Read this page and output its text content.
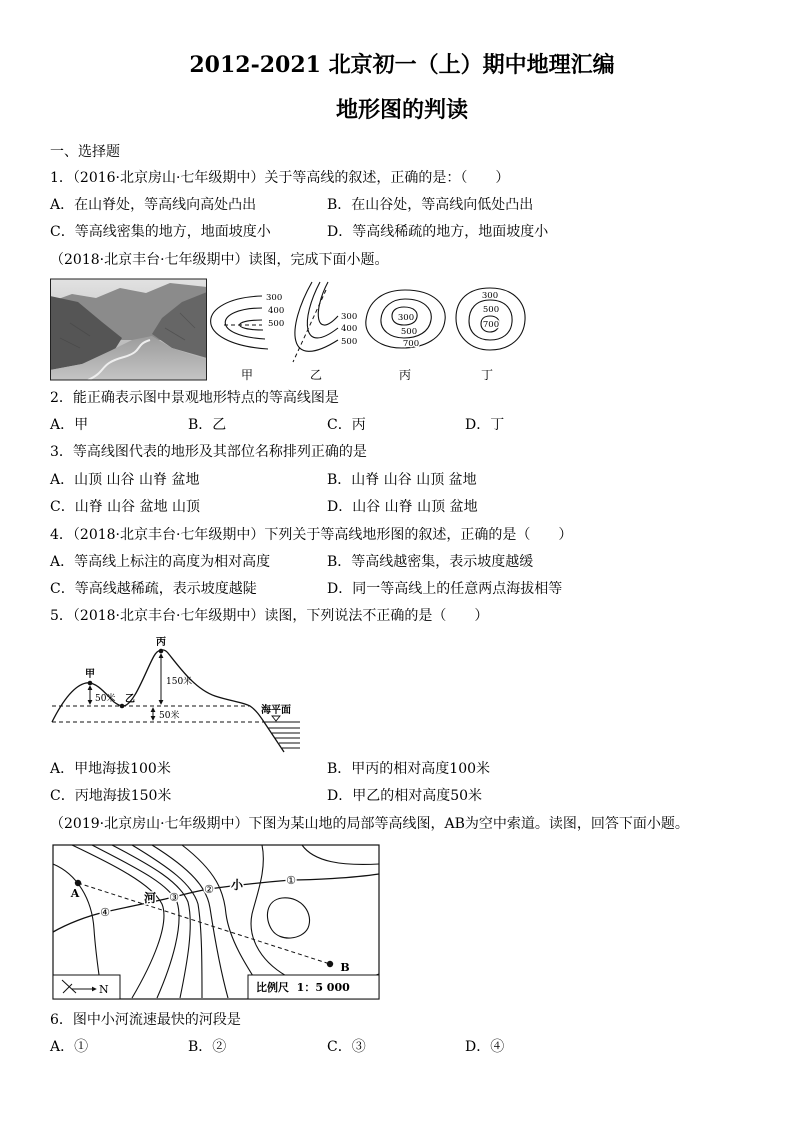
2012-2021 北京初一（上）期中地理汇编
地形图的判读
一、选择题
1．（2016·北京房山·七年级期中）关于等高线的叙述，正确的是：（　　）
A．在山脊处，等高线向高处凸出	B．在山谷处，等高线向低处凸出
C．等高线密集的地方，地面坡度小	D．等高线稀疏的地方，地面坡度小
（2018·北京丰台·七年级期中）读图，完成下面小题。
300
400
500
甲
300
400
500
乙
300
500
700
丙
300
500
700
丁
2．能正确表示图中景观地形特点的等高线图是
A．甲	B．乙	C．丙	D．丁
3．等高线图代表的地形及其部位名称排列正确的是
A．山顶 山谷 山脊 盆地	B．山脊 山谷 山顶 盆地
C．山脊 山谷 盆地 山顶	D．山谷 山脊 山顶 盆地
4．（2018·北京丰台·七年级期中）下列关于等高线地形图的叙述，正确的是（　　）
A．等高线上标注的高度为相对高度	B．等高线越密集，表示坡度越缓
C．等高线越稀疏，表示坡度越陡	D．同一等高线上的任意两点海拔相等
5．（2018·北京丰台·七年级期中）读图，下列说法不正确的是（　　）
甲
乙
丙
50米
150米
50米	海平面
A．甲地海拔100米	B．甲丙的相对高度100米
C．丙地海拔150米	D．甲乙的相对高度50米
（2019·北京房山·七年级期中）下图为某山地的局部等高线图，AB为空中索道。读图，回答下面小题。
A
B
小
河
①
②
③
④
N	比例尺  1：5 000
6．图中小河流速最快的河段是
A．①	B．②	C．③	D．④
